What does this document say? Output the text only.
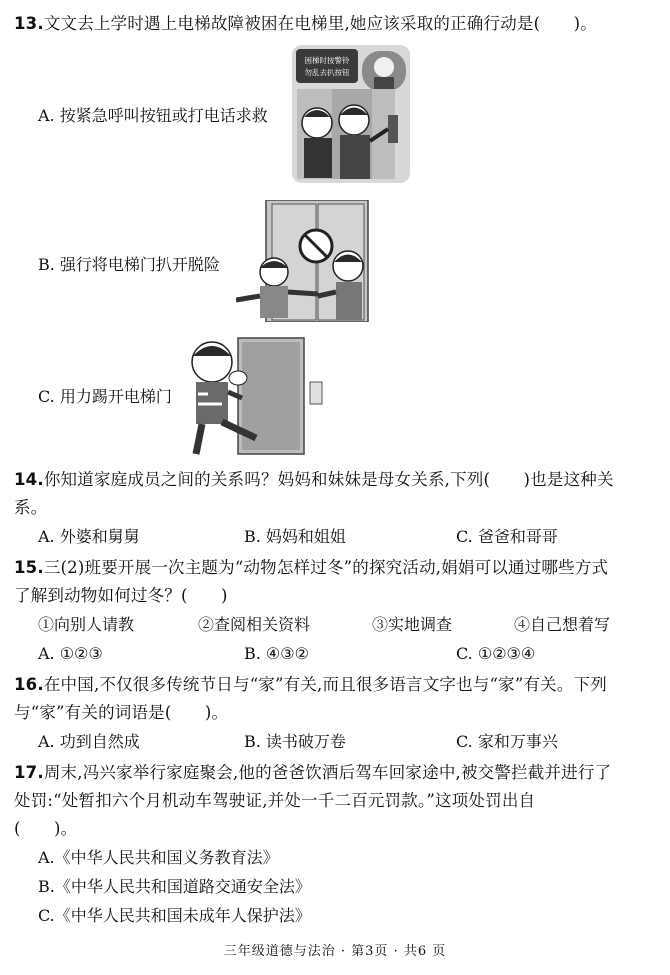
13.文文去上学时遇上电梯故障被困在电梯里,她应该采取的正确行动是(　　)。
困梯时按警铃
勿乱去扒按钮
A. 按紧急呼叫按钮或打电话求救
B. 强行将电梯门扒开脱险
C. 用力踢开电梯门
14.你知道家庭成员之间的关系吗？妈妈和妹妹是母女关系,下列(　　)也是这种关
系。
A. 外婆和舅舅	B. 妈妈和姐姐	C. 爸爸和哥哥
15.三(2)班要开展一次主题为“动物怎样过冬”的探究活动,娟娟可以通过哪些方式
了解到动物如何过冬？(　　)
①向别人请教	②查阅相关资料	③实地调查	④自己想着写
A. ①②③	B. ④③②	C. ①②③④
16.在中国,不仅很多传统节日与“家”有关,而且很多语言文字也与“家”有关。下列
与“家”有关的词语是(　　)。
A. 功到自然成	B. 读书破万卷	C. 家和万事兴
17.周末,冯兴家举行家庭聚会,他的爸爸饮酒后驾车回家途中,被交警拦截并进行了
处罚:“处暂扣六个月机动车驾驶证,并处一千二百元罚款。”这项处罚出自
(　　)。
A.《中华人民共和国义务教育法》
B.《中华人民共和国道路交通安全法》
C.《中华人民共和国未成年人保护法》
三年级道德与法治 · 第3页 · 共6 页
